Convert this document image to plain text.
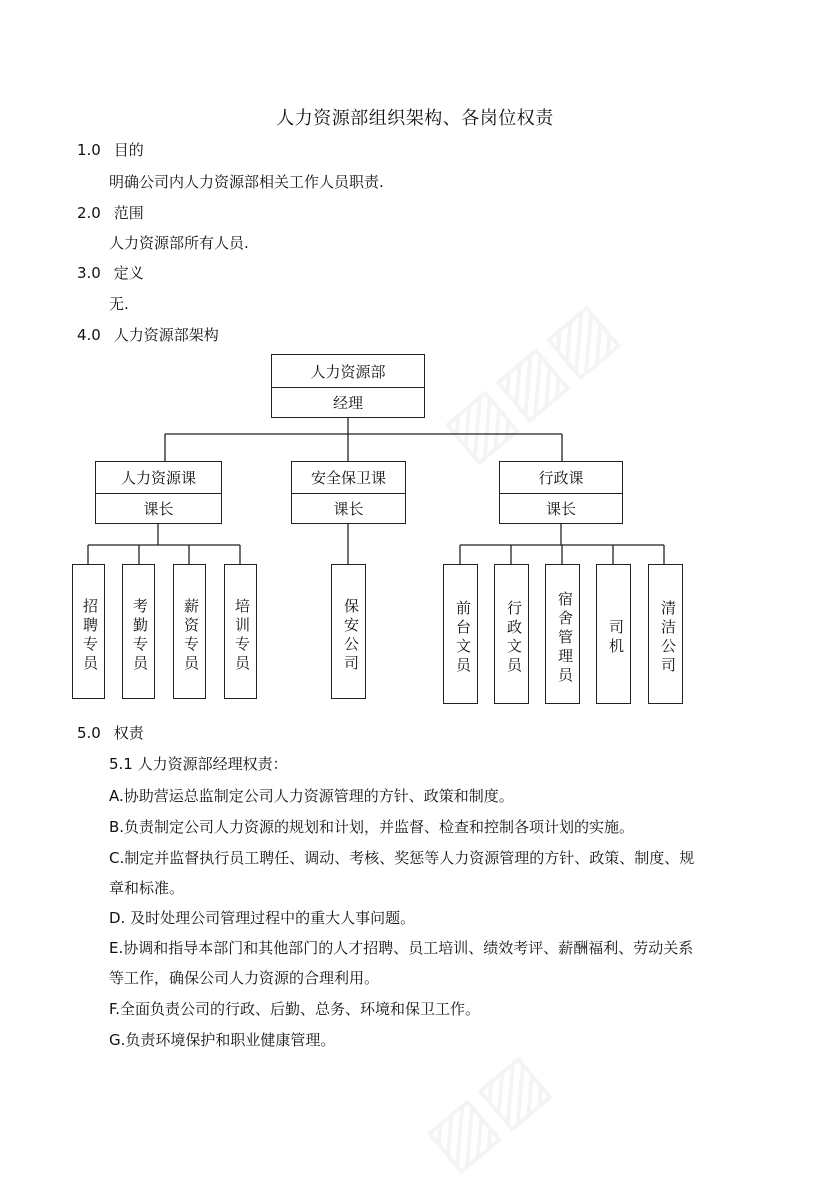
人力资源部组织架构、各岗位权责
1.0 目的
明确公司内人力资源部相关工作人员职责.
2.0 范围
人力资源部所有人员.
3.0 定义
无.
4.0 人力资源部架构
人力资源部
经理
人力资源课
课长
安全保卫课
课长
行政课
课长
招聘专员	考勤专员	薪资专员	培训专员	保安公司	前台文员	行政文员	宿舍管理员	司机	清洁公司
5.0 权责
5.1 人力资源部经理权责：
A.协助营运总监制定公司人力资源管理的方针、政策和制度。
B.负责制定公司人力资源的规划和计划，并监督、检查和控制各项计划的实施。
C.制定并监督执行员工聘任、调动、考核、奖惩等人力资源管理的方针、政策、制度、规
章和标准。
D. 及时处理公司管理过程中的重大人事问题。
E.协调和指导本部门和其他部门的人才招聘、员工培训、绩效考评、薪酬福利、劳动关系
等工作，确保公司人力资源的合理利用。
F.全面负责公司的行政、后勤、总务、环境和保卫工作。
G.负责环境保护和职业健康管理。
